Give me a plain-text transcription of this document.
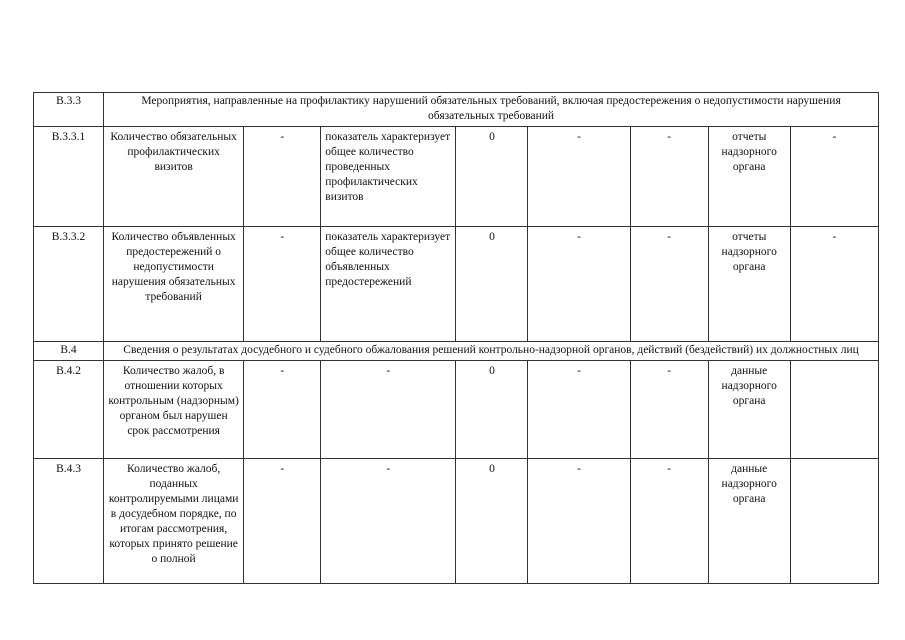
В.3.3	Мероприятия, направленные на профилактику нарушений обязательных требований, включая предостережения о недопустимости нарушения обязательных требований							
В.3.3.1	Количество обязательных профилактических визитов	-	показатель характеризует общее количество проведенных профилактических визитов	0	-	-	отчеты надзорного органа	-
В.3.3.2	Количество объявленных предостережений о недопустимости нарушения обязательных требований	-	показатель характеризует общее количество объявленных предостережений	0	-	-	отчеты надзорного органа	-
В.4	Сведения о результатах досудебного и судебного обжалования решений контрольно-надзорной органов, действий (бездействий) их должностных лиц							
В.4.2	Количество жалоб, в отношении которых контрольным (надзорным) органом был нарушен срок рассмотрения	-	-	0	-	-	данные надзорного органа	
В.4.3	Количество жалоб, поданных контролируемыми лицами в досудебном порядке, по итогам рассмотрения, которых принято решение о полной	-	-	0	-	-	данные надзорного органа	
